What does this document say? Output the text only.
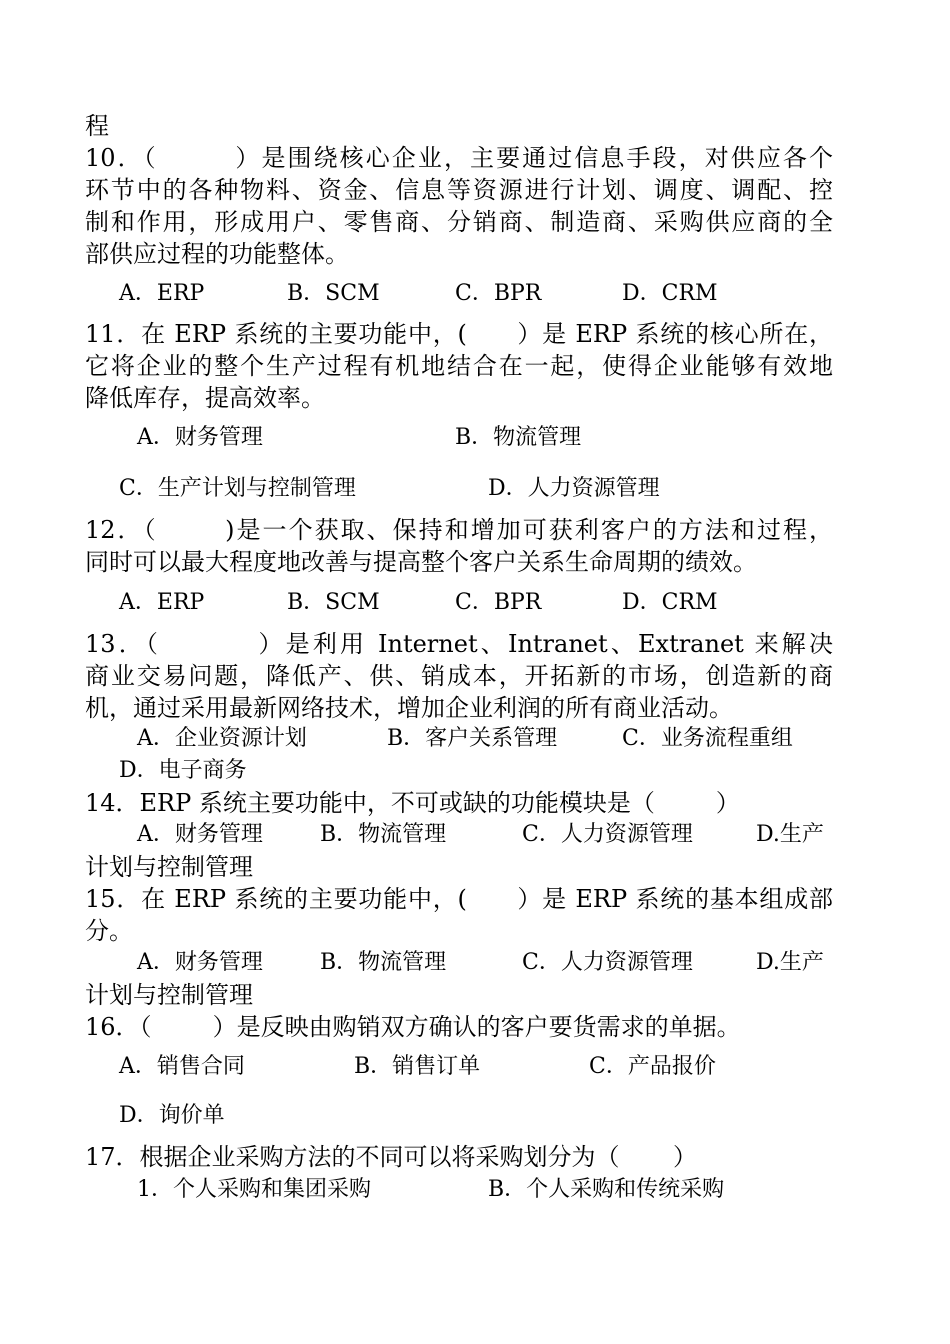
程
10．（        ）是围绕核心企业，主要通过信息手段，对供应各个
环节中的各种物料、资金、信息等资源进行计划、调度、调配、控
制和作用，形成用户、零售商、分销商、制造商、采购供应商的全
部供应过程的功能整体。
A．ERP	B．SCM	C．BPR	D．CRM
11．在 ERP 系统的主要功能中，(      ）是 ERP 系统的核心所在，
它将企业的整个生产过程有机地结合在一起，使得企业能够有效地
降低库存，提高效率。
A．财务管理	B．物流管理
C．生产计划与控制管理	D．人力资源管理
12．（       )是一个获取、保持和增加可获利客户的方法和过程，
同时可以最大程度地改善与提高整个客户关系生命周期的绩效。
A．ERP	B．SCM	C．BPR	D．CRM
13．（         ）是利用 Internet、Intranet、Extranet 来解决
商业交易问题，降低产、供、销成本，开拓新的市场，创造新的商
机，通过采用最新网络技术，增加企业利润的所有商业活动。
A．企业资源计划	B．客户关系管理	C．业务流程重组
D．电子商务
14．ERP 系统主要功能中，不可或缺的功能模块是（        ）
A．财务管理	B．物流管理	C．人力资源管理	D.生产
计划与控制管理
15．在 ERP 系统的主要功能中，(      ）是 ERP 系统的基本组成部
分。
A．财务管理	B．物流管理	C．人力资源管理	D.生产
计划与控制管理
16．（        ）是反映由购销双方确认的客户要货需求的单据。
A．销售合同	B．销售订单	C．产品报价
D．询价单
17．根据企业采购方法的不同可以将采购划分为（       ）
1．个人采购和集团采购	B．个人采购和传统采购
